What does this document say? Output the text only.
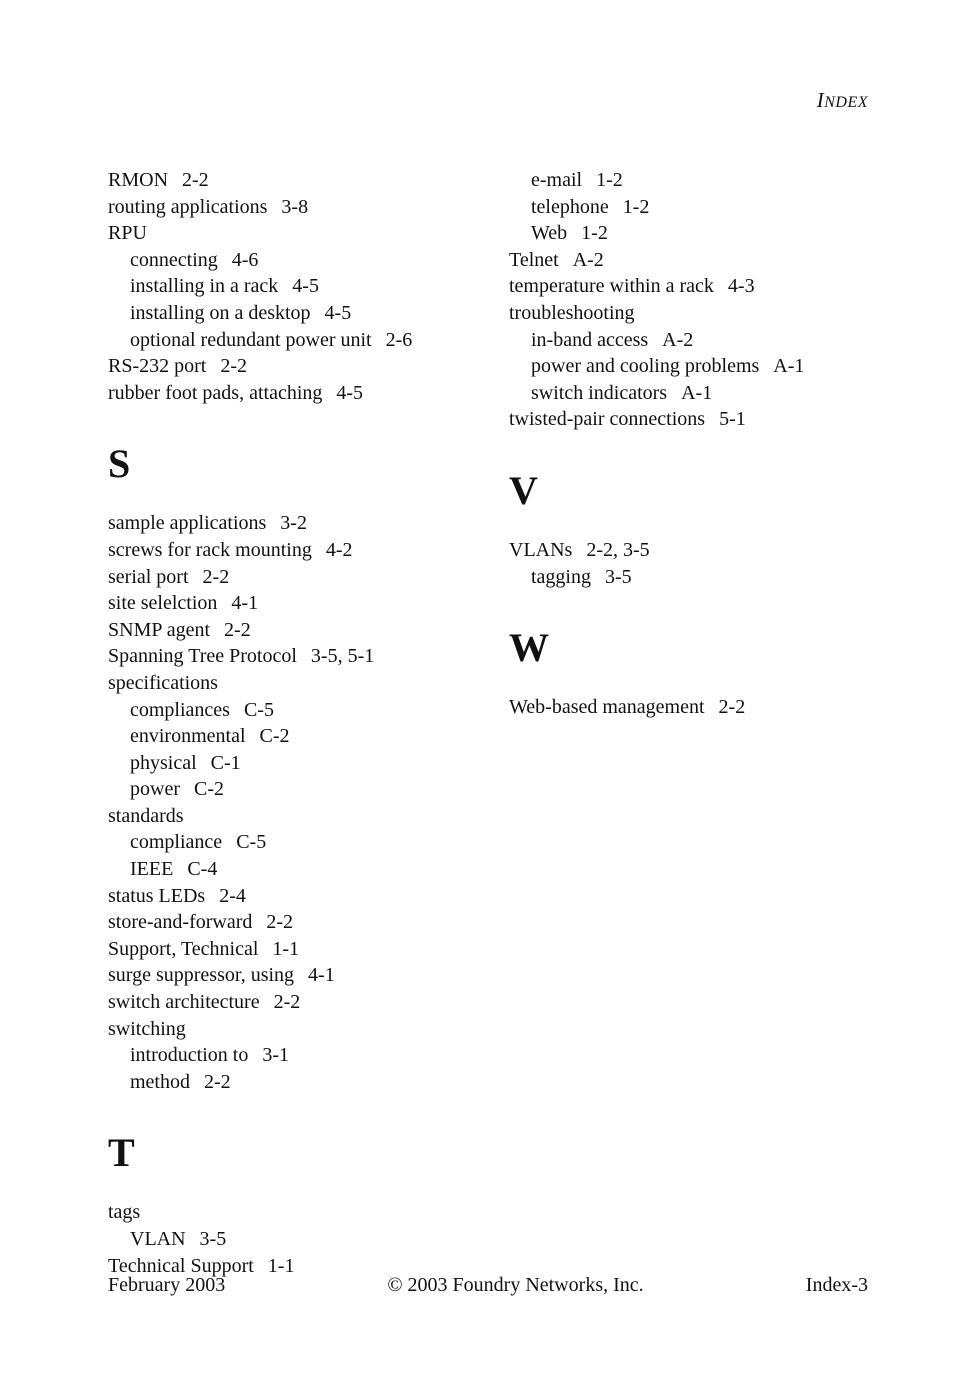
INDEX
RMON 2-2
routing applications 3-8
RPU
connecting 4-6
installing in a rack 4-5
installing on a desktop 4-5
optional redundant power unit 2-6
RS-232 port 2-2
rubber foot pads, attaching 4-5
S
sample applications 3-2
screws for rack mounting 4-2
serial port 2-2
site selelction 4-1
SNMP agent 2-2
Spanning Tree Protocol 3-5, 5-1
specifications
compliances C-5
environmental C-2
physical C-1
power C-2
standards
compliance C-5
IEEE C-4
status LEDs 2-4
store-and-forward 2-2
Support, Technical 1-1
surge suppressor, using 4-1
switch architecture 2-2
switching
introduction to 3-1
method 2-2
T
tags
VLAN 3-5
Technical Support 1-1
e-mail 1-2
telephone 1-2
Web 1-2
Telnet A-2
temperature within a rack 4-3
troubleshooting
in-band access A-2
power and cooling problems A-1
switch indicators A-1
twisted-pair connections 5-1
V
VLANs 2-2, 3-5
tagging 3-5
W
Web-based management 2-2
February 2003	© 2003 Foundry Networks, Inc.	Index-3
